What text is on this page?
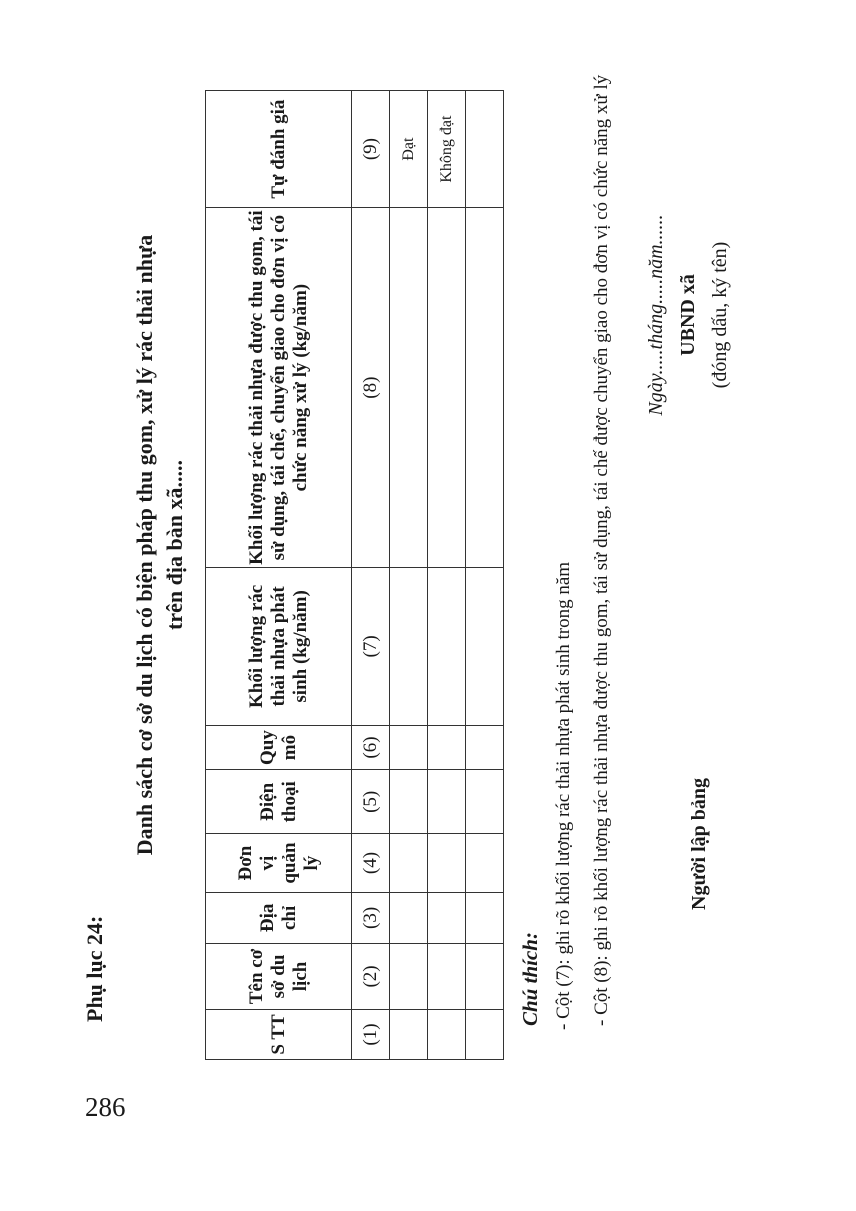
286
Phụ lục 24:
Danh sách cơ sở du lịch có biện pháp thu gom, xử lý rác thải nhựa trên địa bàn xã.....
S TT	Tên cơ sở du lịch	Địa chỉ	Đơn vị quản lý	Điện thoại	Quy mô	Khối lượng rác thải nhựa phát sinh (kg/năm)	Khối lượng rác thải nhựa được thu gom, tái sử dụng, tái chế, chuyển giao cho đơn vị có chức năng xử lý (kg/năm)	Tự đánh giá
(1)	(2)	(3)	(4)	(5)	(6)	(7)	(8)	(9)
								Đạt
								Không đạt

Chú thích: - Cột (7): ghi rõ khối lượng rác thải nhựa phát sinh trong năm - Cột (8): ghi rõ khối lượng rác thải nhựa được thu gom, tái sử dụng, tái chế được chuyển giao cho đơn vị có chức năng xử lý	Người lập bảng
Ngày.....tháng.....năm...... UBND xã (đóng dấu, ký tên)
